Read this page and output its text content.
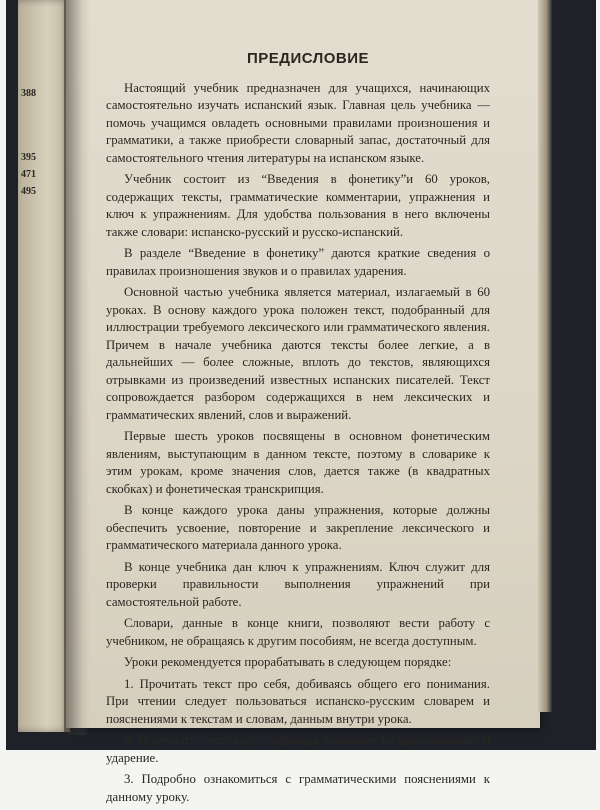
388
395
471
495
ПРЕДИСЛОВИЕ

Настоящий учебник предназначен для учащихся, начинающих самостоятельно изучать испанский язык. Главная цель учебника — помочь учащимся овладеть основными правилами произношения и грамматики, а также приобрести словарный запас, достаточный для самостоятельного чтения литературы на испанском языке.

Учебник состоит из “Введения в фонетику”и 60 уроков, содержащих тексты, грамматические комментарии, упражнения и ключ к упражнениям. Для удобства пользования в него включены также словари: испанско-русский и русско-испанский.

В разделе “Введение в фонетику” даются краткие сведения о правилах произношения звуков и о правилах ударения.

Основной частью учебника является материал, излагаемый в 60 уроках. В основу каждого урока положен текст, подобранный для иллюстрации требуемого лексического или грамматического явления. Причем в начале учебника даются тексты более легкие, а в дальнейших — более сложные, вплоть до текстов, являющихся отрывками из произведений известных испанских писателей. Текст сопровождается разбором содержащихся в нем лексических и грамматических явлений, слов и выражений.

Первые шесть уроков посвящены в основном фонетическим явлениям, выступающим в данном тексте, поэтому в словарике к этим урокам, кроме значения слов, дается также (в квадратных скобках) и фонетическая транскрипция.

В конце каждого урока даны упражнения, которые должны обеспечить усвоение, повторение и закрепление лексического и грамматического материала данного урока.

В конце учебника дан ключ к упражнениям. Ключ служит для проверки правильности выполнения упражнений при самостоятельной работе.

Словари, данные в конце книги, позволяют вести работу с учебником, не обращаясь к другим пособиям, не всегда доступным.

Уроки рекомендуется прорабатывать в следующем порядке:

1. Прочитать текст про себя, добиваясь общего его понимания. При чтении следует пользоваться испанско-русским словарем и пояснениями к текстам и словам, данным внутри урока.

2. Прочитать текст вслух, обращая внимание на произношение и ударение.

3. Подробно ознакомиться с грамматическими пояснениями к данному уроку.
